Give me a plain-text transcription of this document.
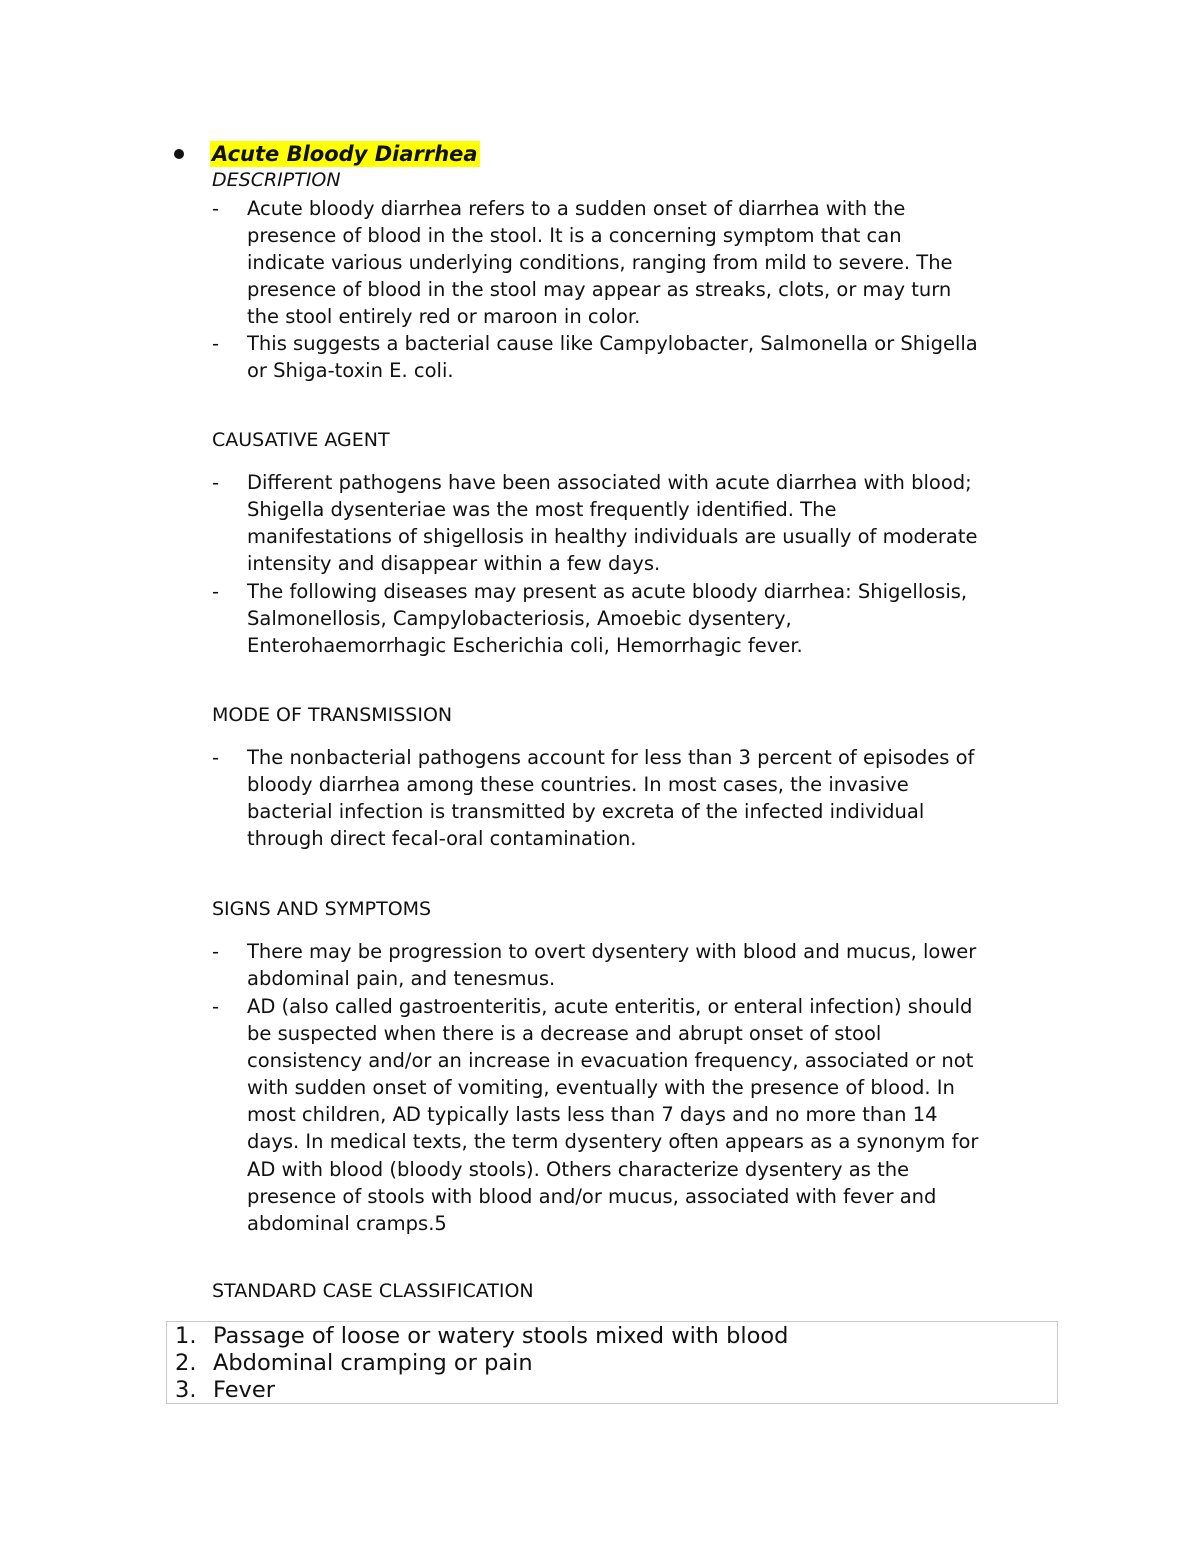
Acute Bloody Diarrhea
DESCRIPTION
-	Acute bloody diarrhea refers to a sudden onset of diarrhea with the
presence of blood in the stool. It is a concerning symptom that can
indicate various underlying conditions, ranging from mild to severe. The
presence of blood in the stool may appear as streaks, clots, or may turn
the stool entirely red or maroon in color.
-	This suggests a bacterial cause like Campylobacter, Salmonella or Shigella
or Shiga-toxin E. coli.
CAUSATIVE AGENT
-	Different pathogens have been associated with acute diarrhea with blood;
Shigella dysenteriae was the most frequently identified. The
manifestations of shigellosis in healthy individuals are usually of moderate
intensity and disappear within a few days.
-	The following diseases may present as acute bloody diarrhea: Shigellosis,
Salmonellosis, Campylobacteriosis, Amoebic dysentery,
Enterohaemorrhagic Escherichia coli, Hemorrhagic fever.
MODE OF TRANSMISSION
-	The nonbacterial pathogens account for less than 3 percent of episodes of
bloody diarrhea among these countries. In most cases, the invasive
bacterial infection is transmitted by excreta of the infected individual
through direct fecal-oral contamination.
SIGNS AND SYMPTOMS
-	There may be progression to overt dysentery with blood and mucus, lower
abdominal pain, and tenesmus.
-	AD (also called gastroenteritis, acute enteritis, or enteral infection) should
be suspected when there is a decrease and abrupt onset of stool
consistency and/or an increase in evacuation frequency, associated or not
with sudden onset of vomiting, eventually with the presence of blood. In
most children, AD typically lasts less than 7 days and no more than 14
days. In medical texts, the term dysentery often appears as a synonym for
AD with blood (bloody stools). Others characterize dysentery as the
presence of stools with blood and/or mucus, associated with fever and
abdominal cramps.5
STANDARD CASE CLASSIFICATION
1. Passage of loose or watery stools mixed with blood
2. Abdominal cramping or pain
3. Fever
